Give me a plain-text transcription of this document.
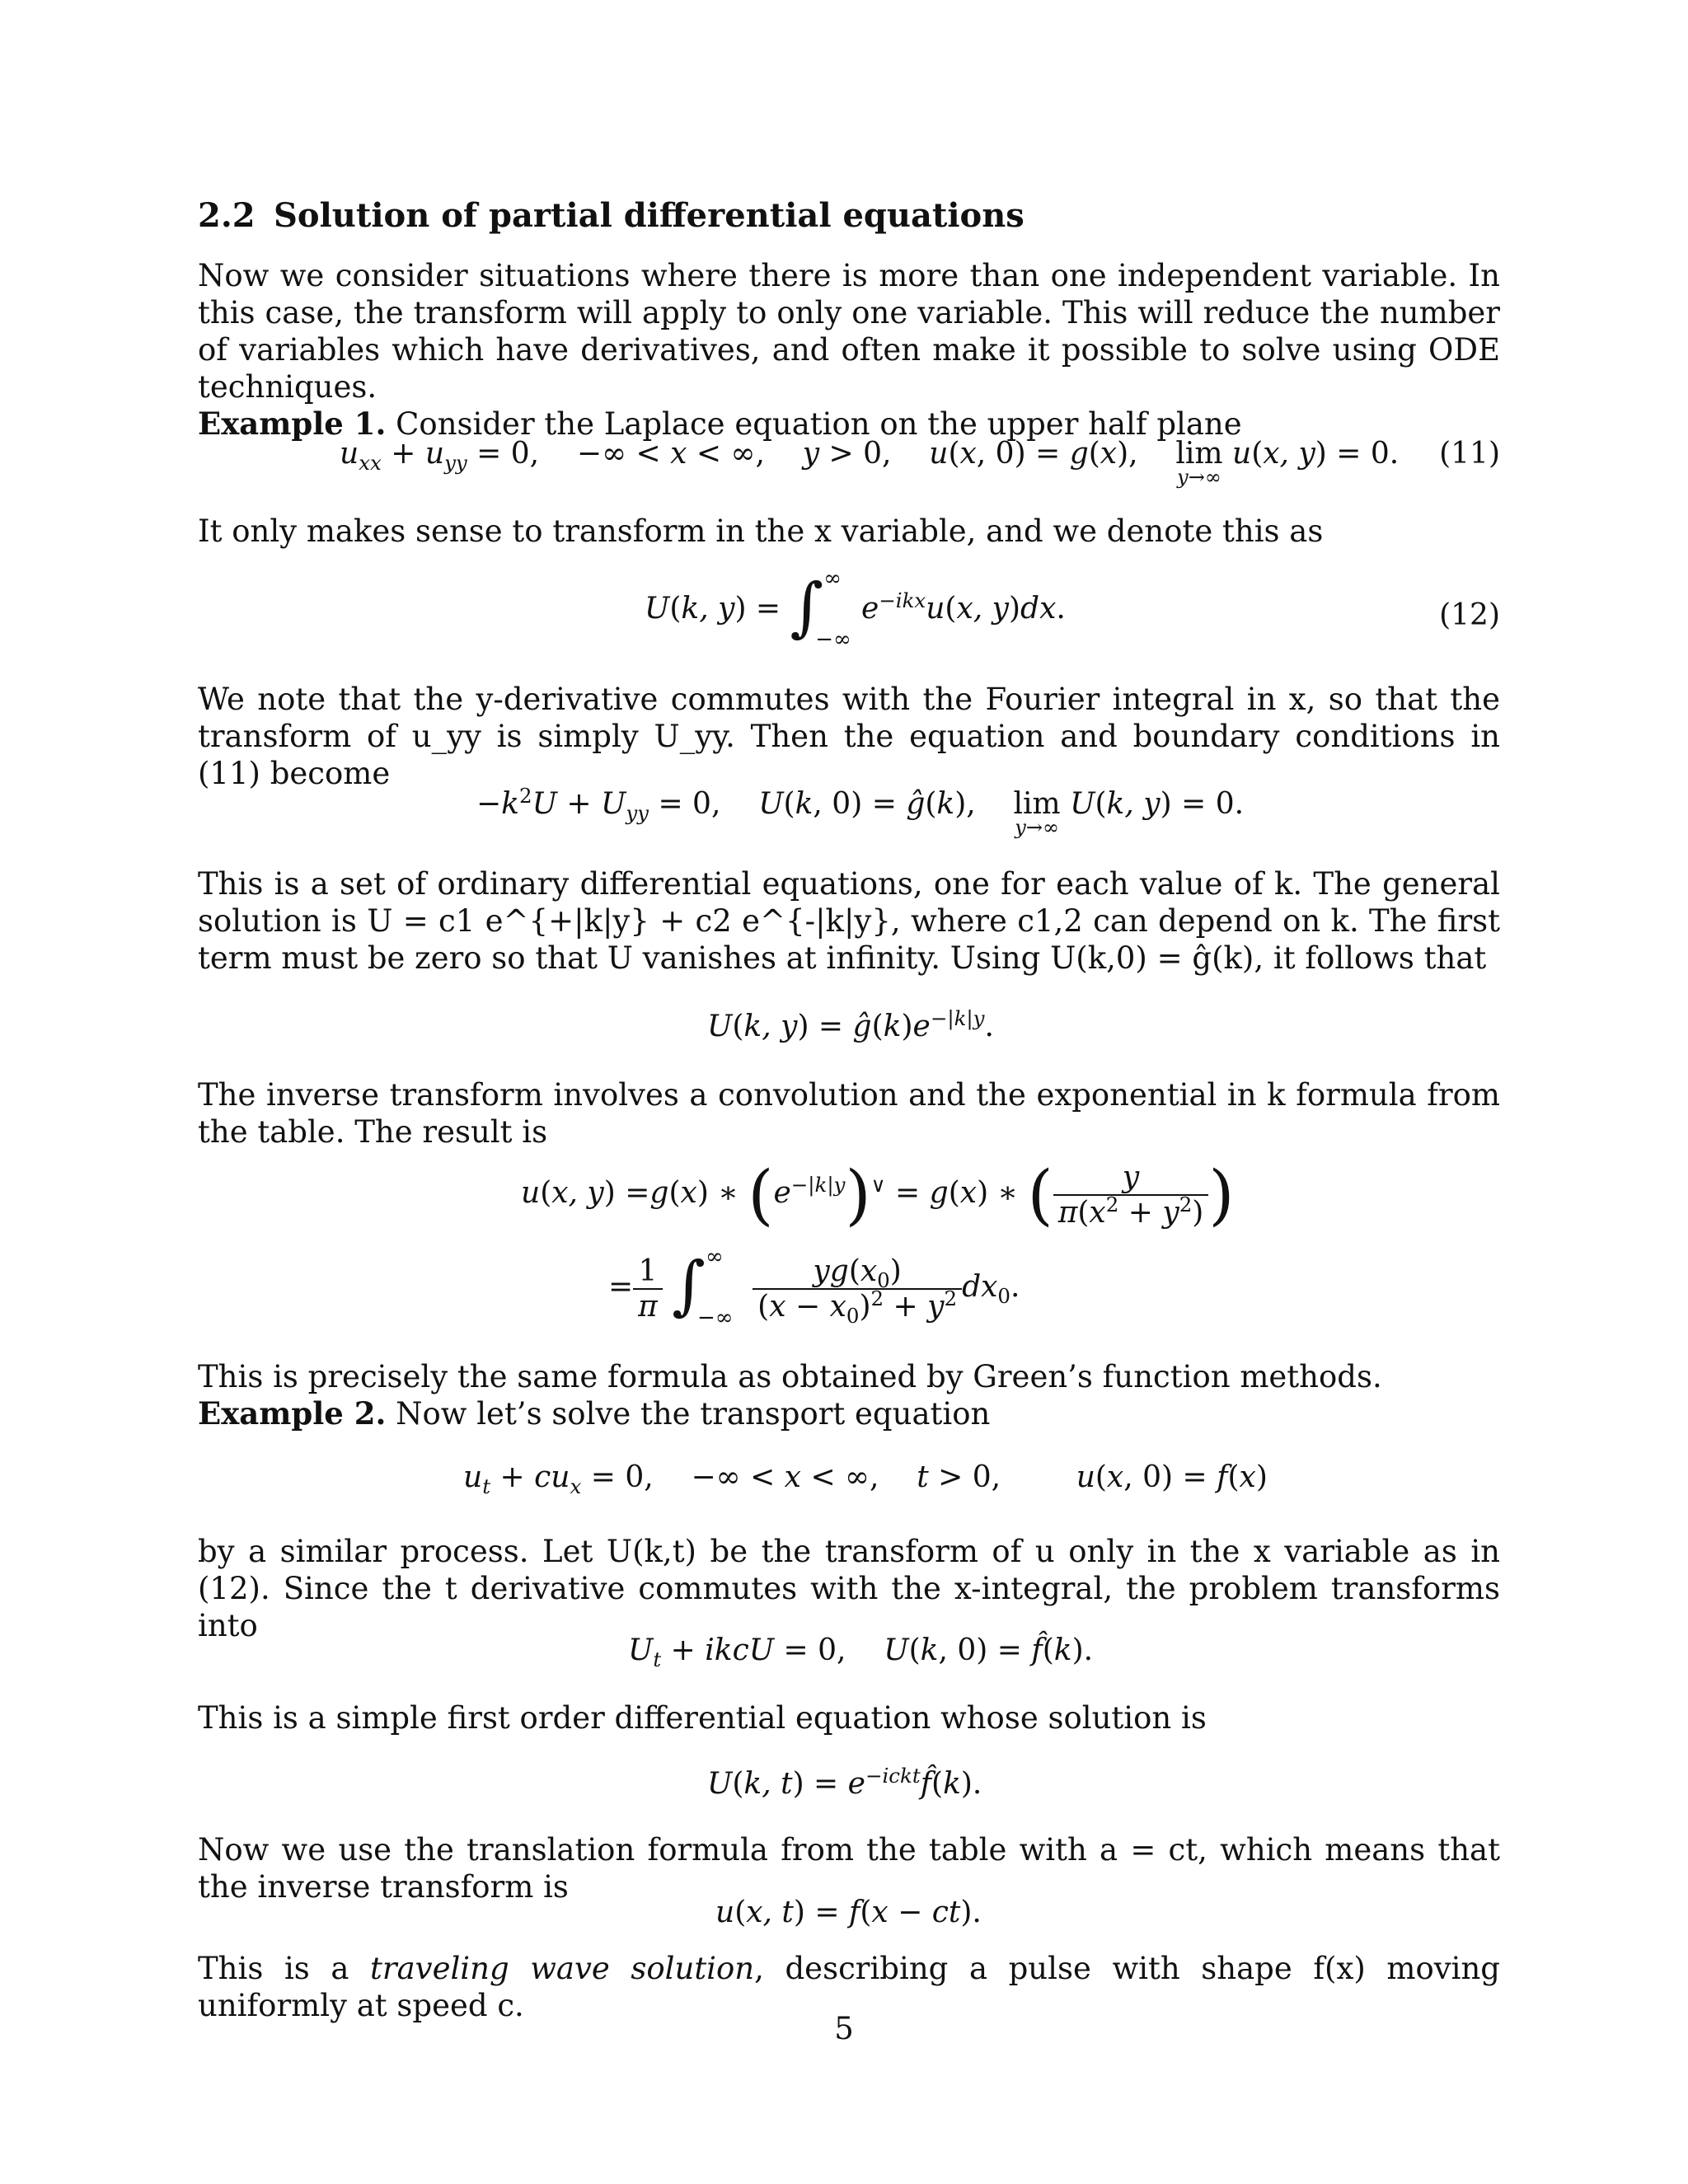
2.2 Solution of partial differential equations

Now we consider situations where there is more than one independent variable. In this case, the transform will apply to only one variable. This will reduce the number of variables which have derivatives, and often make it possible to solve using ODE techniques.

Example 1. Consider the Laplace equation on the upper half plane

$u_{xx} + u_{yy} = 0$, −∞ < x < ∞,    y > 0,    u(x, 0) = g(x), lim
y→∞
u(x, y) = 0. (11)

It only makes sense to transform in the x variable, and we denote this as

U(k, y) = ∫ ∞
−∞
$e^{-ikx}u(x$, y)dx.	(12)

We note that the y-derivative commutes with the Fourier integral in x, so that the transform of u_yy is simply U_yy. Then the equation and boundary conditions in (11) become

$-k^2U + U_{yy} = 0$,    U(k, 0) = ĝ(k), lim
y→∞
U(k, y) = 0.

This is a set of ordinary differential equations, one for each value of k. The general solution is U = c1 e^{+|k|y} + c2 e^{-|k|y}, where c1,2 can depend on k. The first term must be zero so that U vanishes at infinity. Using U(k,0) = ĝ(k), it follows that

U(k, $y) = ĝ(k)e^{-|k|y}$.

The inverse transform involves a convolution and the exponential in k formula from the table. The result is

u(x, y) =g(x) ∗ $(e^{-|k|y})^\vee = g(x)$ ∗ ( $\frac{y}{\pi(x^2 + y^2)}$ )
= $\frac{1}{\pi}$ ∫ ∞
−∞
$\frac{yg(x_0)}{(x - x_0)^2 + y^2} dx_0$.

This is precisely the same formula as obtained by Green’s function methods.

Example 2. Now let’s solve the transport equation

$u_t + cu_x = 0$, −∞ < x < ∞,    t > 0,        u(x, 0) = f(x)

by a similar process. Let U(k,t) be the transform of u only in the x variable as in (12). Since the t derivative commutes with the x-integral, the problem transforms into

$U_t$ + ikcU = 0,    U(k, 0) = f̂(k).

This is a simple first order differential equation whose solution is

U(k, $t) = e^{-ickt}f̂(k)$.

Now we use the translation formula from the table with a = ct, which means that the inverse transform is

u(x, t) = f(x − ct).

This is a traveling wave solution, describing a pulse with shape f(x) moving uniformly at speed c.

5
